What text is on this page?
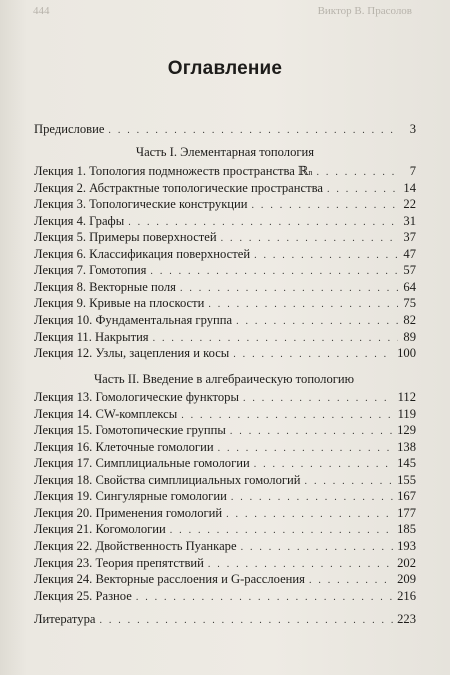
444	Виктор В. Прасолов
Оглавление
Предисловие . . .	3
Часть I. Элементарная топология
Лекция 1. Топология подмножеств пространства ℝ n . . .	7
Лекция 2. Абстрактные топологические пространства . . .	14
Лекция 3. Топологические конструкции . . .	22
Лекция 4. Графы . . .	31
Лекция 5. Примеры поверхностей . . .	37
Лекция 6. Классификация поверхностей . . .	47
Лекция 7. Гомотопия . . .	57
Лекция 8. Векторные поля . . .	64
Лекция 9. Кривые на плоскости . . .	75
Лекция 10. Фундаментальная группа . . .	82
Лекция 11. Накрытия . . .	89
Лекция 12. Узлы, зацепления и косы . . .	100
Часть II. Введение в алгебраическую топологию
Лекция 13. Гомологические функторы . . .	112
Лекция 14. CW-комплексы . . .	119
Лекция 15. Гомотопические группы . . .	129
Лекция 16. Клеточные гомологии . . .	138
Лекция 17. Симплициальные гомологии . . .	145
Лекция 18. Свойства симплициальных гомологий . . .	155
Лекция 19. Сингулярные гомологии . . .	167
Лекция 20. Применения гомологий . . .	177
Лекция 21. Когомологии . . .	185
Лекция 22. Двойственность Пуанкаре . . .	193
Лекция 23. Теория препятствий . . .	202
Лекция 24. Векторные расслоения и G-расслоения . . .	209
Лекция 25. Разное . . .	216
Литература . . .	223
